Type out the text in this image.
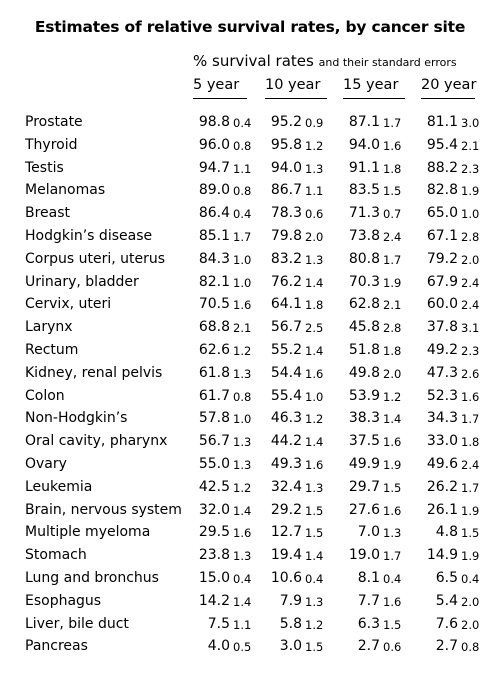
Estimates of relative survival rates, by cancer site
% survival rates and their standard errors
5 year	10 year	15 year	20 year
Prostate	98.8 0.4	95.2 0.9	87.1 1.7	81.1 3.0
Thyroid	96.0 0.8	95.8 1.2	94.0 1.6	95.4 2.1
Testis	94.7 1.1	94.0 1.3	91.1 1.8	88.2 2.3
Melanomas	89.0 0.8	86.7 1.1	83.5 1.5	82.8 1.9
Breast	86.4 0.4	78.3 0.6	71.3 0.7	65.0 1.0
Hodgkin’s disease	85.1 1.7	79.8 2.0	73.8 2.4	67.1 2.8
Corpus uteri, uterus	84.3 1.0	83.2 1.3	80.8 1.7	79.2 2.0
Urinary, bladder	82.1 1.0	76.2 1.4	70.3 1.9	67.9 2.4
Cervix, uteri	70.5 1.6	64.1 1.8	62.8 2.1	60.0 2.4
Larynx	68.8 2.1	56.7 2.5	45.8 2.8	37.8 3.1
Rectum	62.6 1.2	55.2 1.4	51.8 1.8	49.2 2.3
Kidney, renal pelvis	61.8 1.3	54.4 1.6	49.8 2.0	47.3 2.6
Colon	61.7 0.8	55.4 1.0	53.9 1.2	52.3 1.6
Non-Hodgkin’s	57.8 1.0	46.3 1.2	38.3 1.4	34.3 1.7
Oral cavity, pharynx	56.7 1.3	44.2 1.4	37.5 1.6	33.0 1.8
Ovary	55.0 1.3	49.3 1.6	49.9 1.9	49.6 2.4
Leukemia	42.5 1.2	32.4 1.3	29.7 1.5	26.2 1.7
Brain, nervous system	32.0 1.4	29.2 1.5	27.6 1.6	26.1 1.9
Multiple myeloma	29.5 1.6	12.7 1.5	7.0 1.3	4.8 1.5
Stomach	23.8 1.3	19.4 1.4	19.0 1.7	14.9 1.9
Lung and bronchus	15.0 0.4	10.6 0.4	8.1 0.4	6.5 0.4
Esophagus	14.2 1.4	7.9 1.3	7.7 1.6	5.4 2.0
Liver, bile duct	7.5 1.1	5.8 1.2	6.3 1.5	7.6 2.0
Pancreas	4.0 0.5	3.0 1.5	2.7 0.6	2.7 0.8
